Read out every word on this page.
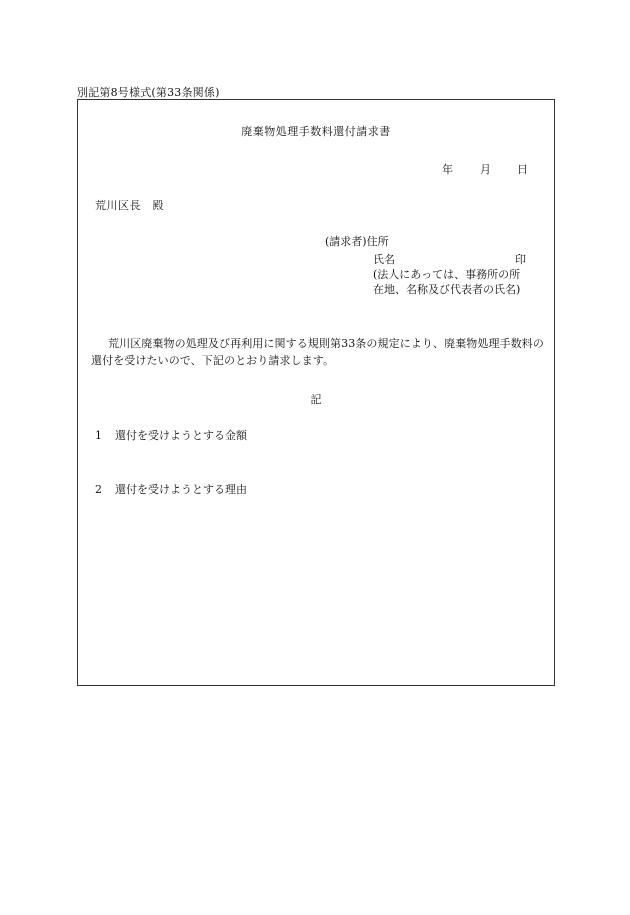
別記第8号様式(第33条関係)
廃棄物処理手数料還付請求書
年 月 日
荒川区長　殿
(請求者)住所
氏名	印
(法人にあっては、事務所の所
在地、名称及び代表者の氏名)
荒川区廃棄物の処理及び再利用に関する規則第33条の規定により、廃棄物処理手数料の還付を受けたいので、下記のとおり請求します。
記
1 還付を受けようとする金額
2 還付を受けようとする理由
